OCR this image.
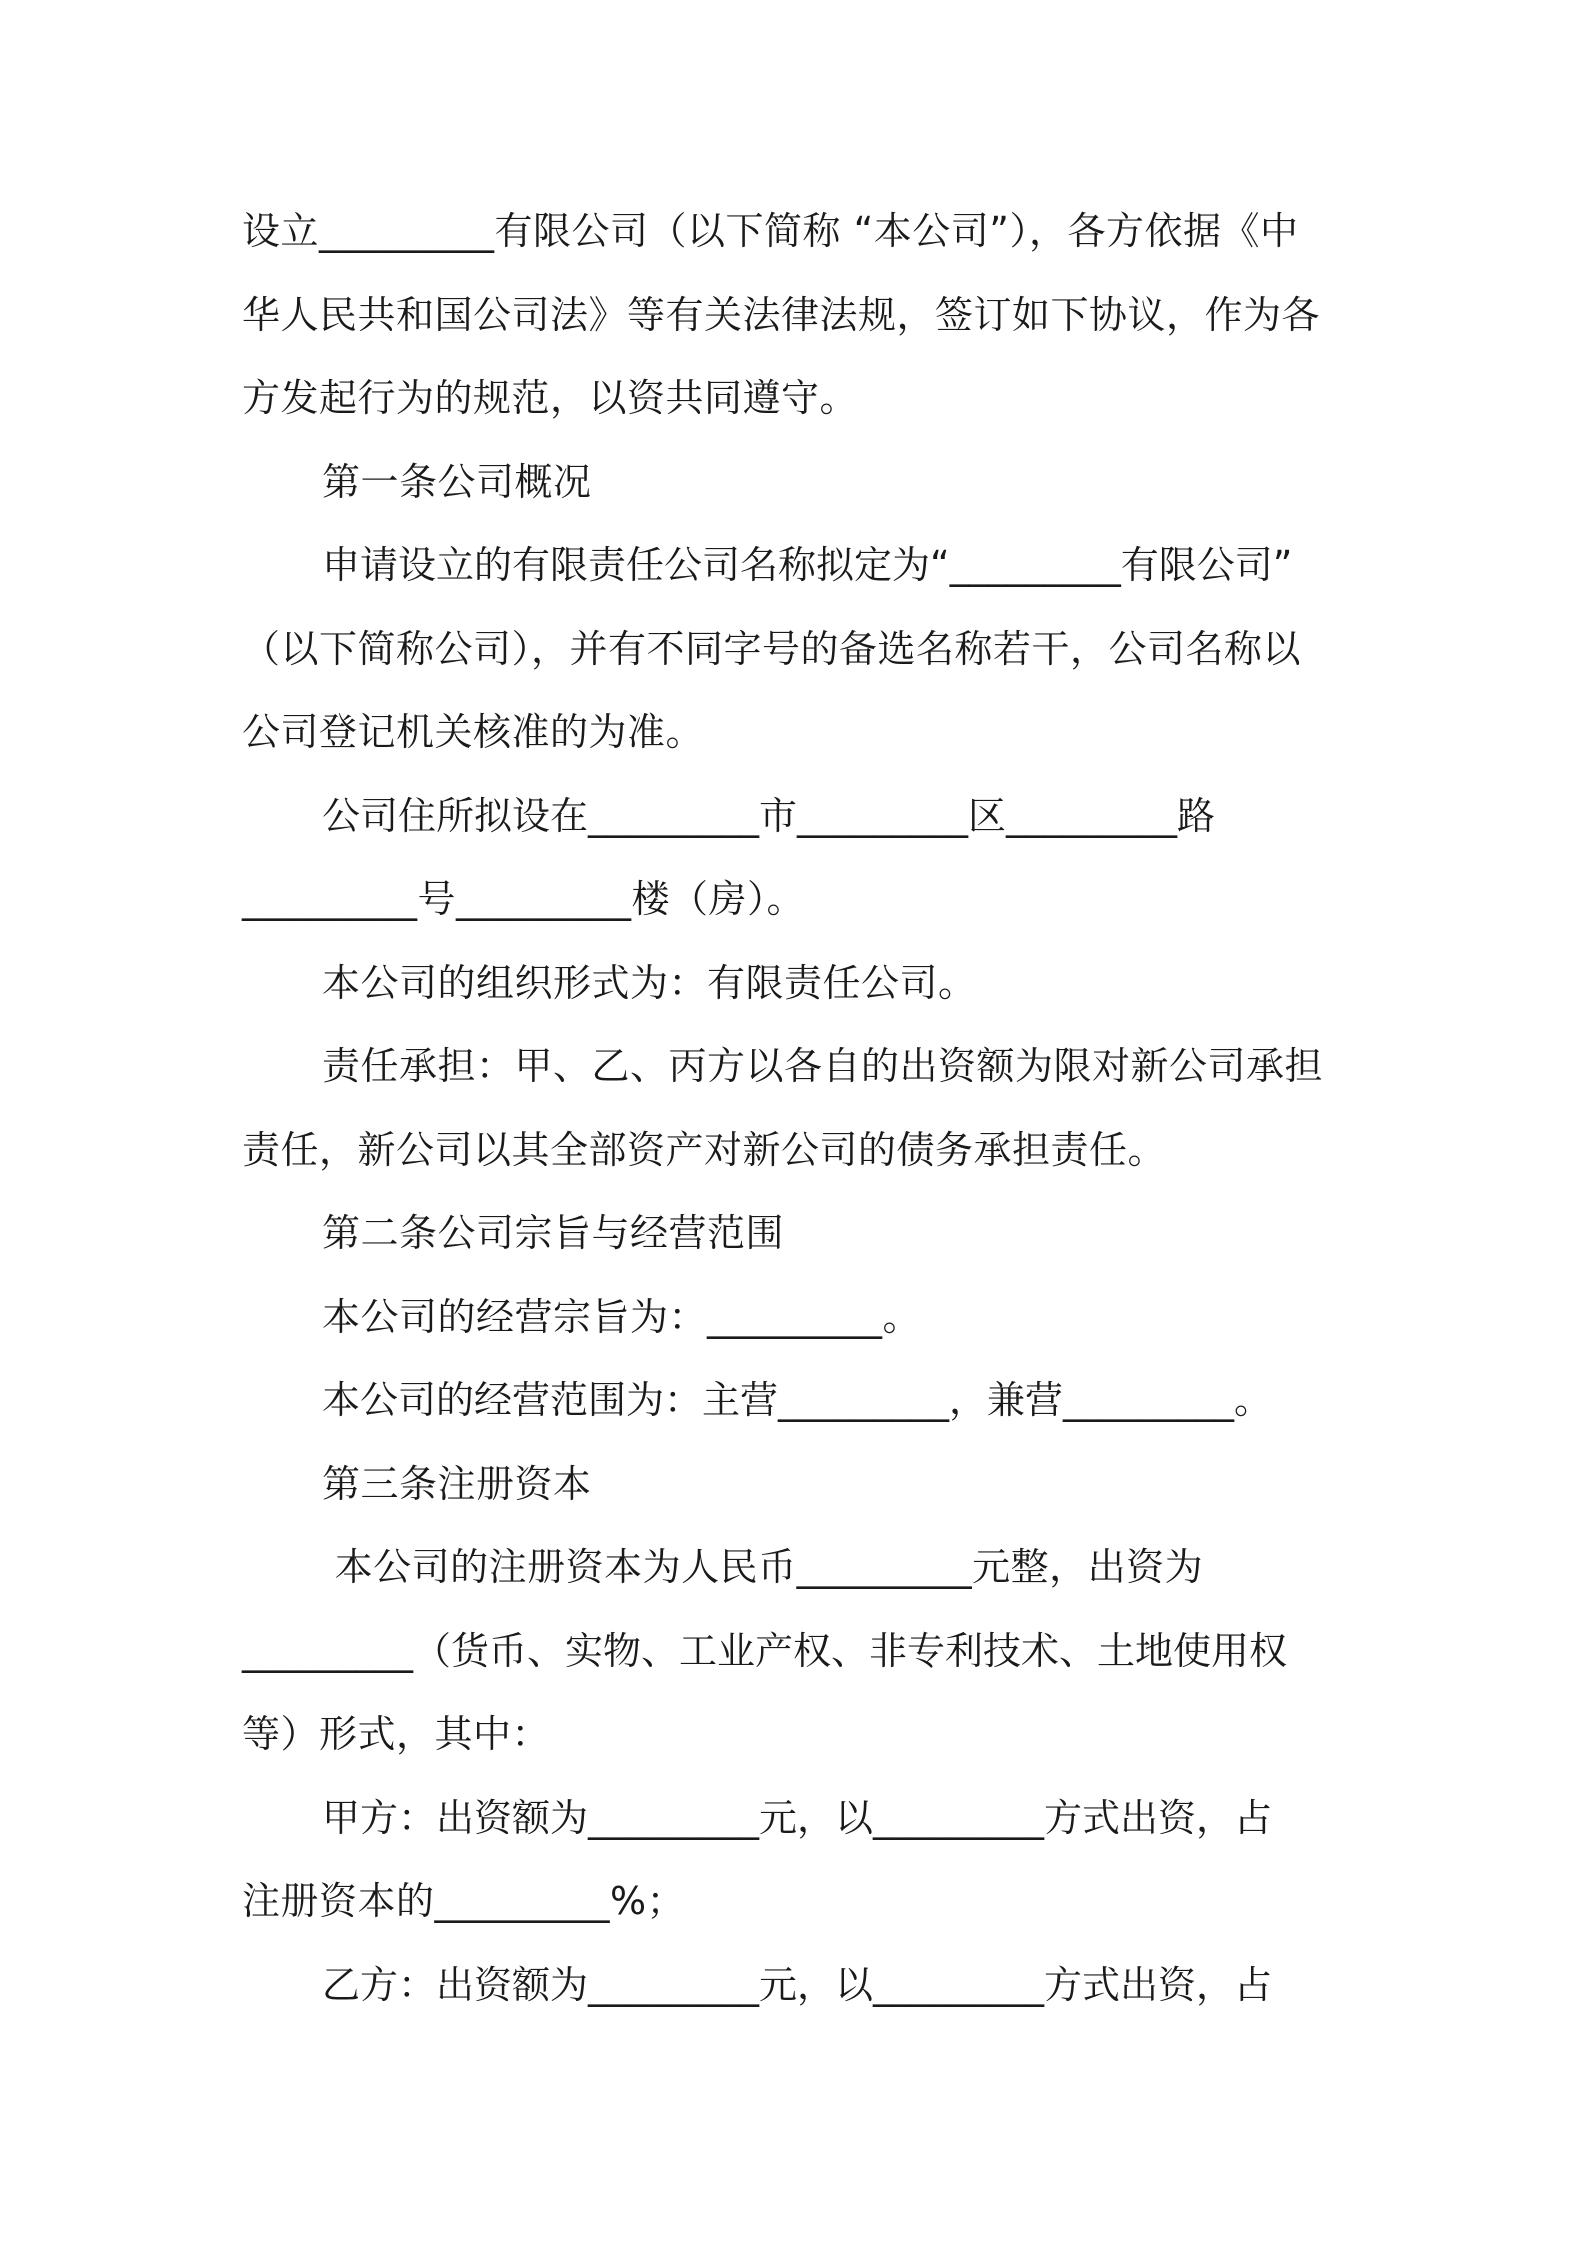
设立_________有限公司（以下简称 “本公司”），各方依据《中
华人民共和国公司法》等有关法律法规，签订如下协议，作为各
方发起行为的规范，以资共同遵守。
第一条公司概况
申请设立的有限责任公司名称拟定为“_________有限公司”
（以下简称公司），并有不同字号的备选名称若干，公司名称以
公司登记机关核准的为准。
公司住所拟设在_________市_________区_________路
_________号_________楼（房）。
本公司的组织形式为：有限责任公司。
责任承担：甲、乙、丙方以各自的出资额为限对新公司承担
责任，新公司以其全部资产对新公司的债务承担责任。
第二条公司宗旨与经营范围
本公司的经营宗旨为：_________。
本公司的经营范围为：主营_________，兼营_________。
第三条注册资本
本公司的注册资本为人民币_________元整，出资为
_________（货币、实物、工业产权、非专利技术、土地使用权
等）形式，其中：
甲方：出资额为_________元，以_________方式出资，占
注册资本的_________%；
乙方：出资额为_________元，以_________方式出资，占
